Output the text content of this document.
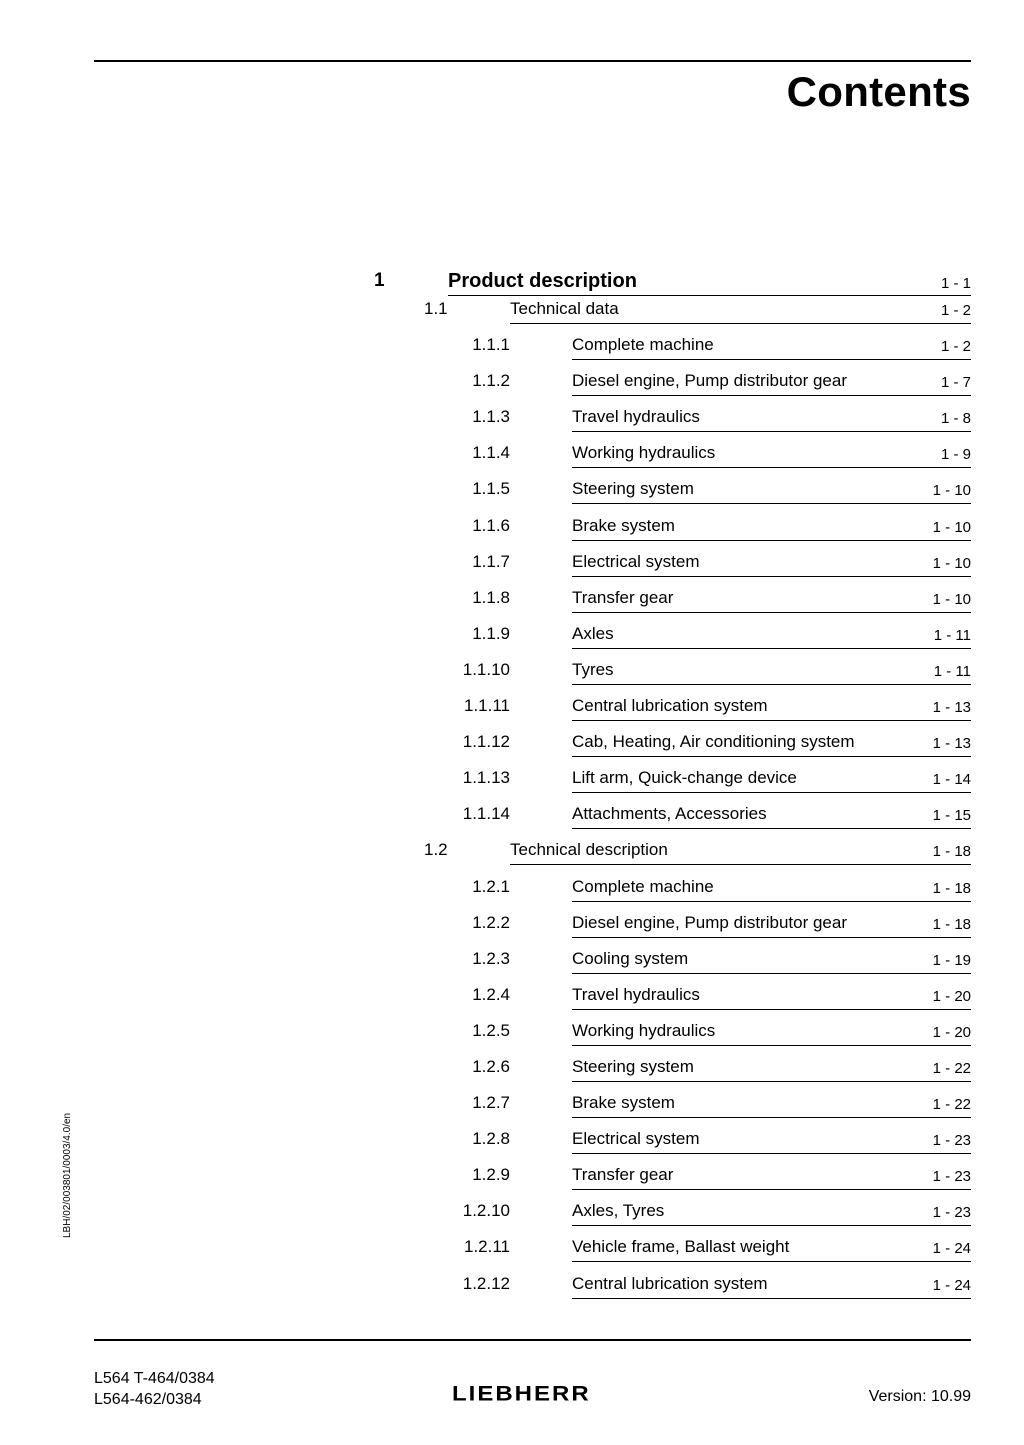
Contents
1	Product description	1 - 1
1.1	Technical data	1 - 2
1.1.1	Complete machine	1 - 2
1.1.2	Diesel engine, Pump distributor gear	1 - 7
1.1.3	Travel hydraulics	1 - 8
1.1.4	Working hydraulics	1 - 9
1.1.5	Steering system	1 - 10
1.1.6	Brake system	1 - 10
1.1.7	Electrical system	1 - 10
1.1.8	Transfer gear	1 - 10
1.1.9	Axles	1 - 11
1.1.10	Tyres	1 - 11
1.1.11	Central lubrication system	1 - 13
1.1.12	Cab, Heating, Air conditioning system	1 - 13
1.1.13	Lift arm, Quick-change device	1 - 14
1.1.14	Attachments, Accessories	1 - 15
1.2	Technical description	1 - 18
1.2.1	Complete machine	1 - 18
1.2.2	Diesel engine, Pump distributor gear	1 - 18
1.2.3	Cooling system	1 - 19
1.2.4	Travel hydraulics	1 - 20
1.2.5	Working hydraulics	1 - 20
1.2.6	Steering system	1 - 22
1.2.7	Brake system	1 - 22
1.2.8	Electrical system	1 - 23
1.2.9	Transfer gear	1 - 23
1.2.10	Axles, Tyres	1 - 23
1.2.11	Vehicle frame, Ballast weight	1 - 24
1.2.12	Central lubrication system	1 - 24
LBH/02/003801/0003/4.0/en
L564 T-464/0384
L564-462/0384	LIEBHERR	Version: 10.99
